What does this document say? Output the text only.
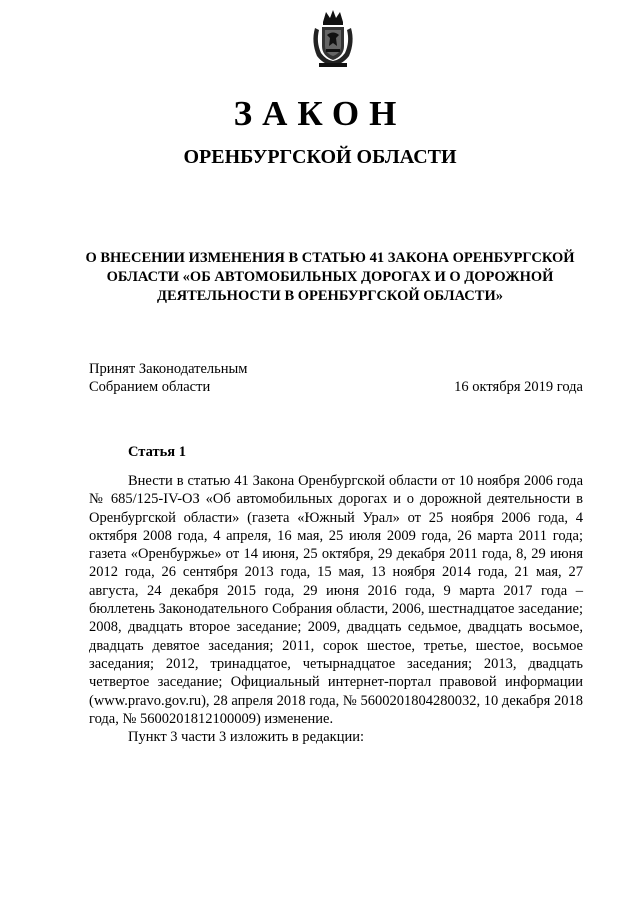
ЗАКОН
ОРЕНБУРГСКОЙ ОБЛАСТИ
О ВНЕСЕНИИ ИЗМЕНЕНИЯ В СТАТЬЮ 41 ЗАКОНА ОРЕНБУРГСКОЙ
ОБЛАСТИ «ОБ АВТОМОБИЛЬНЫХ ДОРОГАХ И О ДОРОЖНОЙ
ДЕЯТЕЛЬНОСТИ В ОРЕНБУРГСКОЙ ОБЛАСТИ»
Принят Законодательным
Собранием области	16 октября 2019 года
Статья 1

Внести в статью 41 Закона Оренбургской области от 10 ноября 2006 года № 685/125-IV-ОЗ «Об автомобильных дорогах и о дорожной деятельности в Оренбургской области» (газета «Южный Урал» от 25 ноября 2006 года, 4 октября 2008 года, 4 апреля, 16 мая, 25 июля 2009 года, 26 марта 2011 года; газета «Оренбуржье» от 14 июня, 25 октября, 29 декабря 2011 года, 8, 29 июня 2012 года, 26 сентября 2013 года, 15 мая, 13 ноября 2014 года, 21 мая, 27 августа, 24 декабря 2015 года, 29 июня 2016 года, 9 марта 2017 года – бюллетень Законодательного Собрания области, 2006, шестнадцатое заседание; 2008, двадцать второе заседание; 2009, двадцать седьмое, двадцать восьмое, двадцать девятое заседания; 2011, сорок шестое, третье, шестое, восьмое заседания; 2012, тринадцатое, четырнадцатое заседания; 2013, двадцать четвертое заседание; Официальный интернет-портал правовой информации (www.pravo.gov.ru), 28 апреля 2018 года, № 5600201804280032, 10 декабря 2018 года, № 5600201812100009) изменение.

Пункт 3 части 3 изложить в редакции:
